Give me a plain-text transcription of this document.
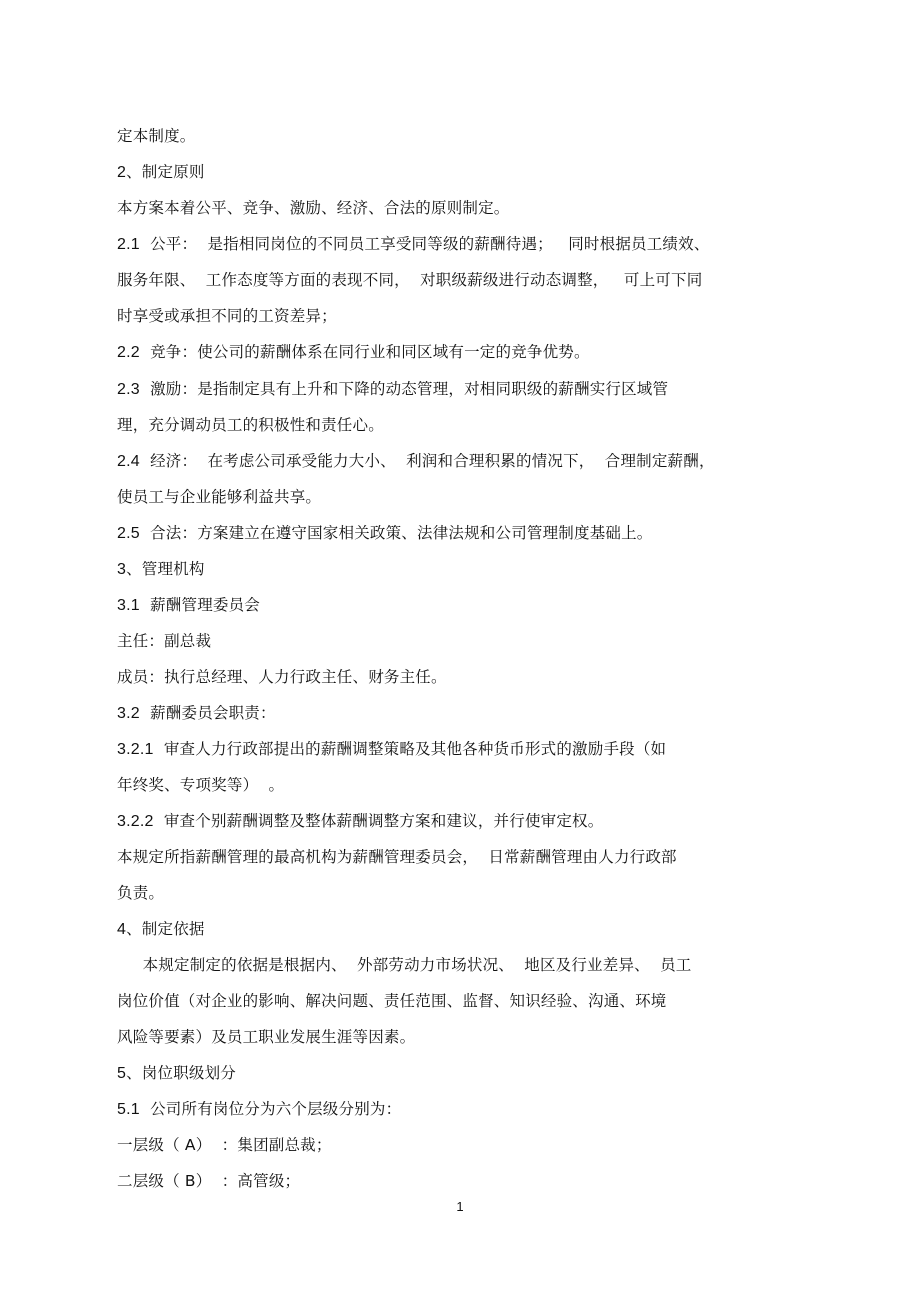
定本制度。
2、制定原则
本方案本着公平、竞争、激励、经济、合法的原则制定。
2.1  公平：  是指相同岗位的不同员工享受同等级的薪酬待遇；   同时根据员工绩效、
服务年限、  工作态度等方面的表现不同，  对职级薪级进行动态调整，   可上可下同
时享受或承担不同的工资差异；
2.2  竞争：使公司的薪酬体系在同行业和同区域有一定的竞争优势。
2.3  激励：是指制定具有上升和下降的动态管理，对相同职级的薪酬实行区域管
理，充分调动员工的积极性和责任心。
2.4  经济：  在考虑公司承受能力大小、  利润和合理积累的情况下，  合理制定薪酬，
使员工与企业能够利益共享。
2.5  合法：方案建立在遵守国家相关政策、法律法规和公司管理制度基础上。
3、管理机构
3.1  薪酬管理委员会
主任：副总裁
成员：执行总经理、人力行政主任、财务主任。
3.2  薪酬委员会职责：
3.2.1  审查人力行政部提出的薪酬调整策略及其他各种货币形式的激励手段（如
年终奖、专项奖等）  。
3.2.2  审查个别薪酬调整及整体薪酬调整方案和建议，并行使审定权。
本规定所指薪酬管理的最高机构为薪酬管理委员会，  日常薪酬管理由人力行政部
负责。
4、制定依据
本规定制定的依据是根据内、  外部劳动力市场状况、  地区及行业差异、  员工
岗位价值（对企业的影响、解决问题、责任范围、监督、知识经验、沟通、环境
风险等要素）及员工职业发展生涯等因素。
5、岗位职级划分
5.1  公司所有岗位分为六个层级分别为：
一层级（ A）  ：集团副总裁；
二层级（ B）  ：高管级；
1
